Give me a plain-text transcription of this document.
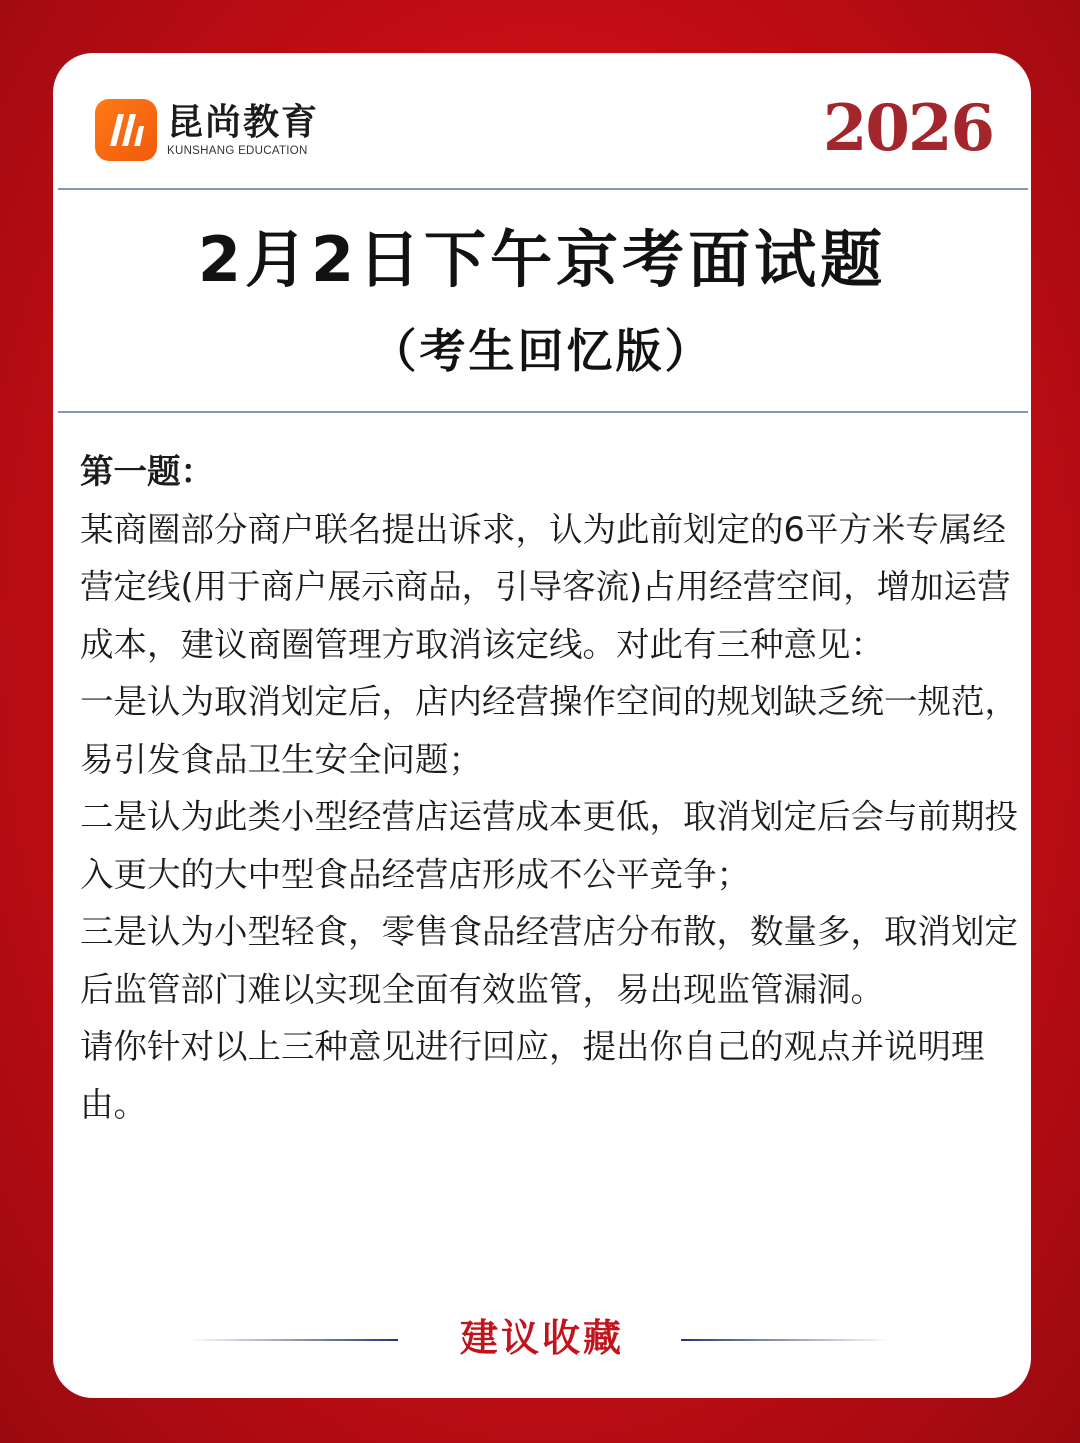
昆尚教育
KUNSHANG EDUCATION	2026
2月2日下午京考面试题
（考生回忆版）

第一题：

某商圈部分商户联名提出诉求，认为此前划定的6平方米专属经营定线(用于商户展示商品，引导客流)占用经营空间，增加运营成本，建议商圈管理方取消该定线。对此有三种意见：

一是认为取消划定后，店内经营操作空间的规划缺乏统一规范，易引发食品卫生安全问题；

二是认为此类小型经营店运营成本更低，取消划定后会与前期投入更大的大中型食品经营店形成不公平竞争；

三是认为小型轻食，零售食品经营店分布散，数量多，取消划定后监管部门难以实现全面有效监管，易出现监管漏洞。

请你针对以上三种意见进行回应，提出你自己的观点并说明理由。

建议收藏
